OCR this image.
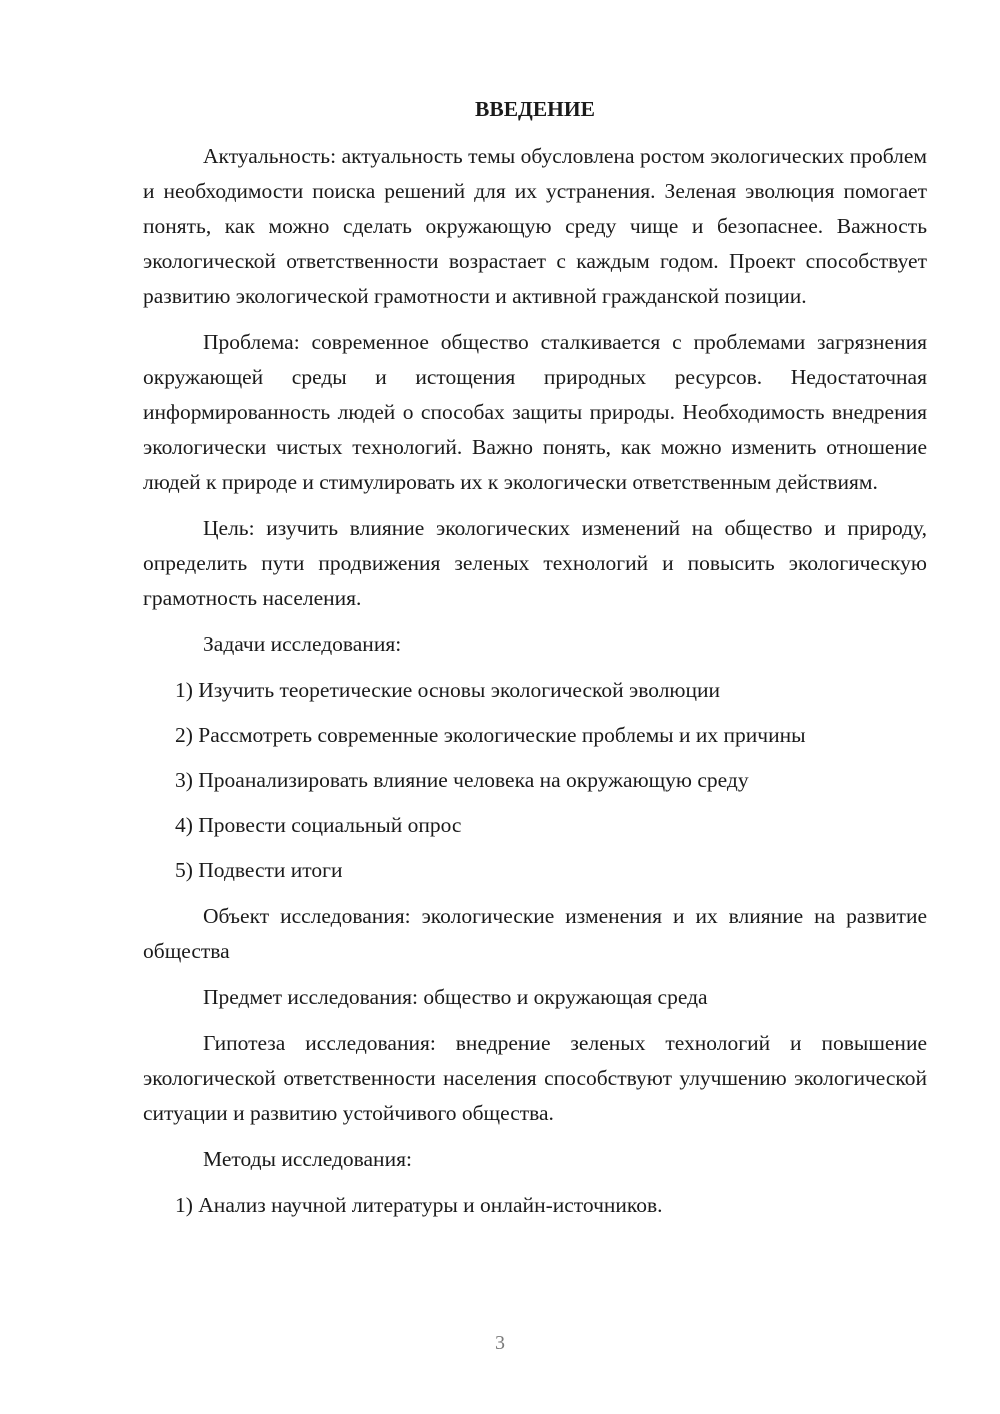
ВВЕДЕНИЕ

Актуальность: актуальность темы обусловлена ростом экологических проблем и необходимости поиска решений для их устранения. Зеленая эволюция помогает понять, как можно сделать окружающую среду чище и безопаснее. Важность экологической ответственности возрастает с каждым годом. Проект способствует развитию экологической грамотности и активной гражданской позиции.

Проблема: современное общество сталкивается с проблемами загрязнения окружающей среды и истощения природных ресурсов. Недостаточная информированность людей о способах защиты природы. Необходимость внедрения экологически чистых технологий. Важно понять, как можно изменить отношение людей к природе и стимулировать их к экологически ответственным действиям.

Цель: изучить влияние экологических изменений на общество и природу, определить пути продвижения зеленых технологий и повысить экологическую грамотность населения.

Задачи исследования:

1) Изучить теоретические основы экологической эволюции
2) Рассмотреть современные экологические проблемы и их причины
3) Проанализировать влияние человека на окружающую среду
4) Провести социальный опрос
5) Подвести итоги

Объект исследования: экологические изменения и их влияние на развитие общества

Предмет исследования: общество и окружающая среда

Гипотеза исследования: внедрение зеленых технологий и повышение экологической ответственности населения способствуют улучшению экологической ситуации и развитию устойчивого общества.

Методы исследования:

1) Анализ научной литературы и онлайн-источников.
3
